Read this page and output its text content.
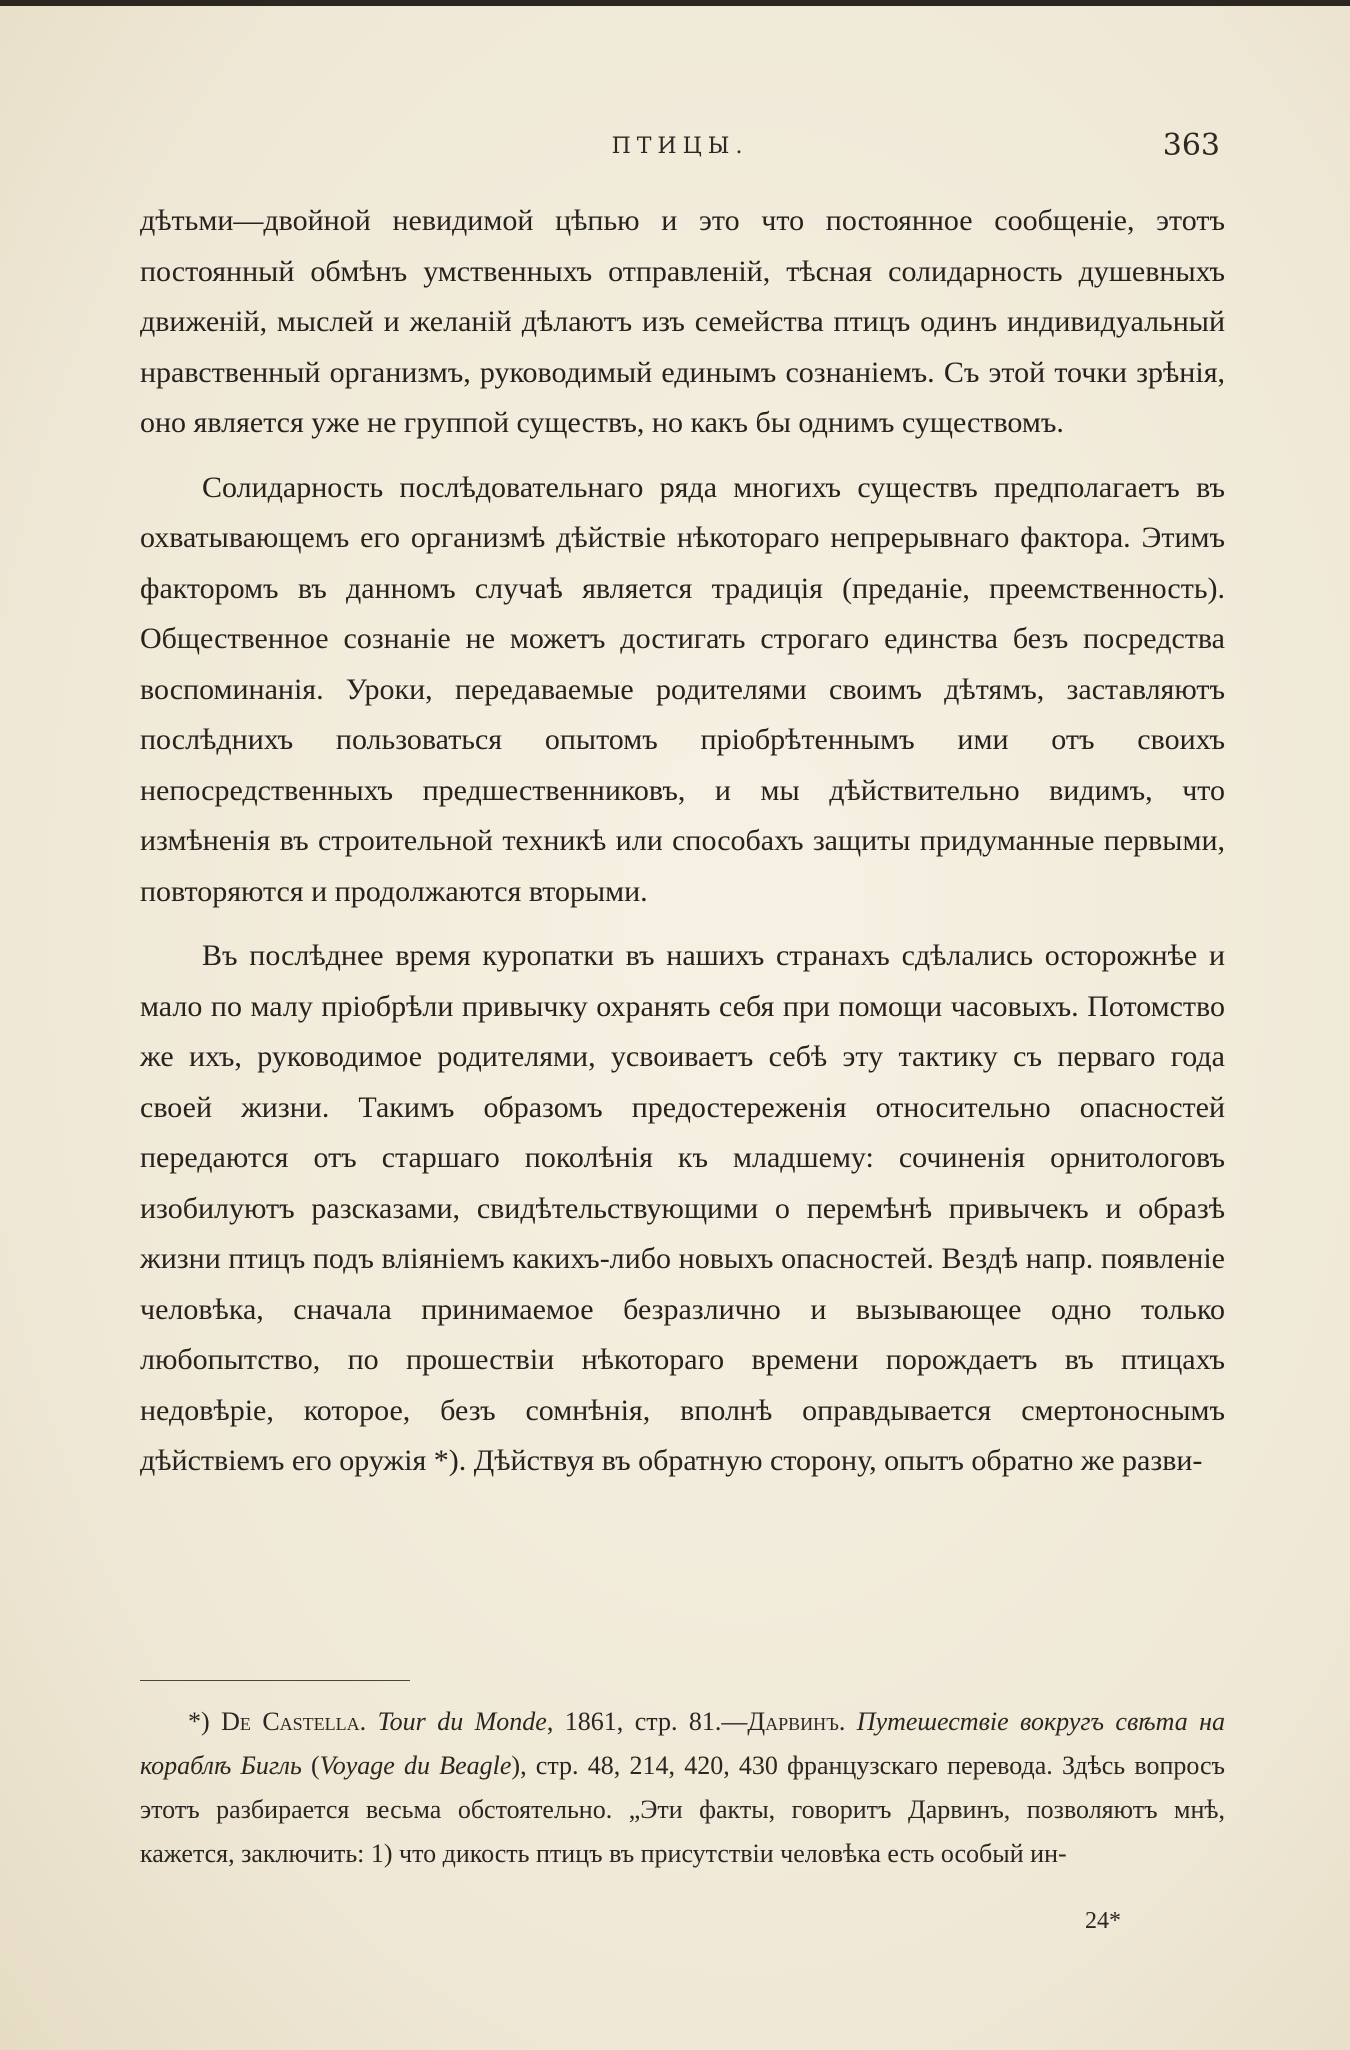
ПТИЦЫ.	363

дѣтьми—двойной невидимой цѣпью и это что постоянное сообщеніе, этотъ постоянный обмѣнъ умственныхъ отправленій, тѣсная солидарность душевныхъ движеній, мыслей и желаній дѣлаютъ изъ семейства птицъ одинъ индивидуальный нравственный организмъ, руководимый единымъ сознаніемъ. Съ этой точки зрѣнія, оно является уже не группой существъ, но какъ бы однимъ существомъ.

Солидарность послѣдовательнаго ряда многихъ существъ предполагаетъ въ охватывающемъ его организмѣ дѣйствіе нѣкотораго непрерывнаго фактора. Этимъ факторомъ въ данномъ случаѣ является традиція (преданіе, преемственность). Общественное сознаніе не можетъ достигать строгаго единства безъ посредства воспоминанія. Уроки, передаваемые родителями своимъ дѣтямъ, заставляютъ послѣднихъ пользоваться опытомъ пріобрѣтеннымъ ими отъ своихъ непосредственныхъ предшественниковъ, и мы дѣйствительно видимъ, что измѣненія въ строительной техникѣ или способахъ защиты придуманные первыми, повторяются и продолжаются вторыми.

Въ послѣднее время куропатки въ нашихъ странахъ сдѣлались осторожнѣе и мало по малу пріобрѣли привычку охранять себя при помощи часовыхъ. Потомство же ихъ, руководимое родителями, усвоиваетъ себѣ эту тактику съ перваго года своей жизни. Такимъ образомъ предостереженія относительно опасностей передаются отъ старшаго поколѣнія къ младшему: сочиненія орнитологовъ изобилуютъ разсказами, свидѣтельствующими о перемѣнѣ привычекъ и образѣ жизни птицъ подъ вліяніемъ какихъ-либо новыхъ опасностей. Вездѣ напр. появленіе человѣка, сначала принимаемое безразлично и вызывающее одно только любопытство, по прошествіи нѣкотораго времени порождаетъ въ птицахъ недовѣріе, которое, безъ сомнѣнія, вполнѣ оправдывается смертоноснымъ дѣйствіемъ его оружія *). Дѣйствуя въ обратную сторону, опытъ обратно же разви-

*) De Castella. Tour du Monde, 1861, стр. 81.—Дарвинъ. Путешествіе вокругъ свѣта на кораблѣ Бигль (Voyage du Beagle), стр. 48, 214, 420, 430 французскаго перевода. Здѣсь вопросъ этотъ разбирается весьма обстоятельно. „Эти факты, говоритъ Дарвинъ, позволяютъ мнѣ, кажется, заключить: 1) что дикость птицъ въ присутствіи человѣка есть особый ин-

24*
